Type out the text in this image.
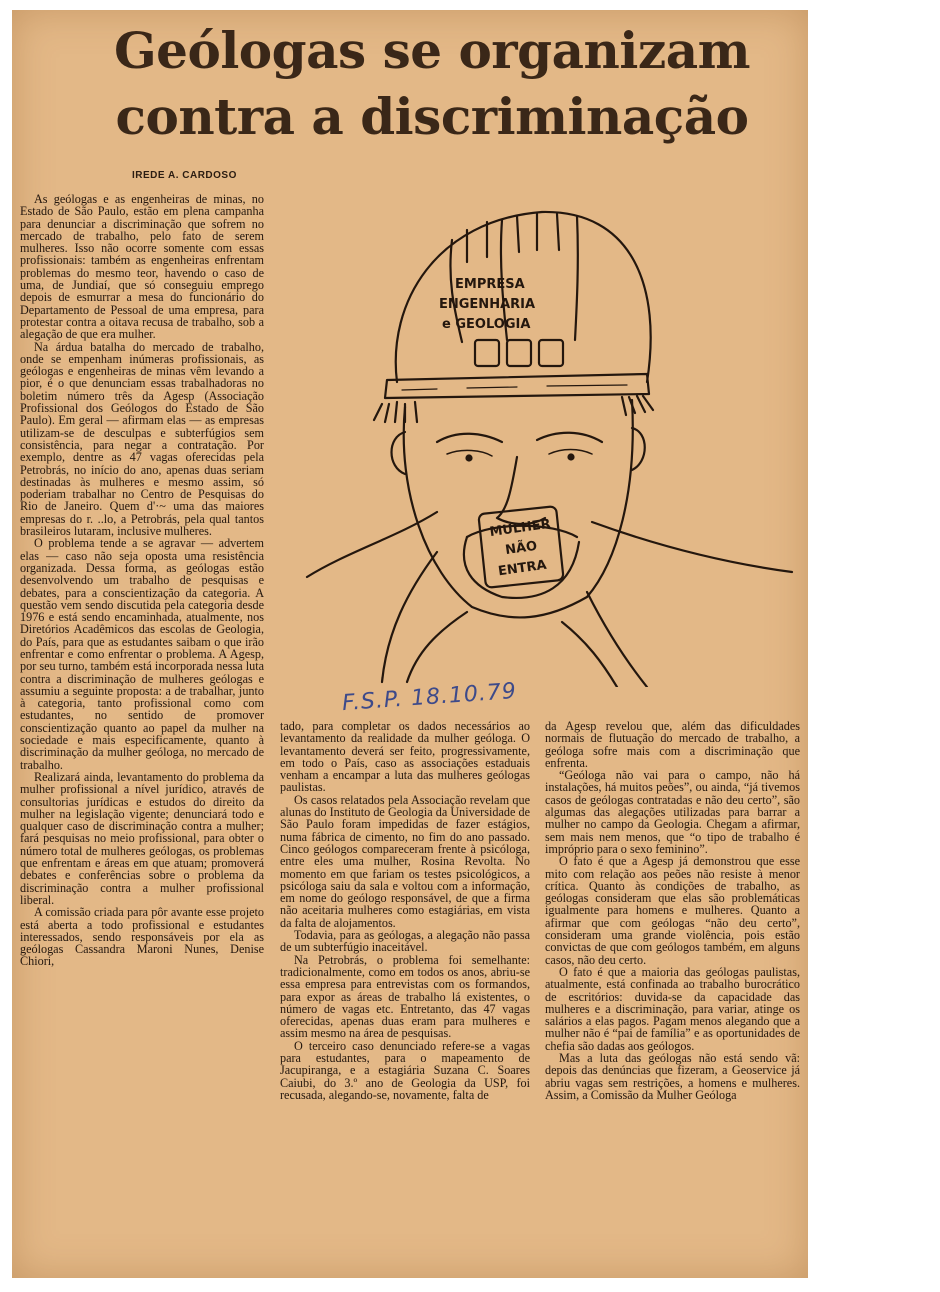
Geólogas se organizam contra a discriminação
IREDE A. CARDOSO

As geólogas e as engenheiras de minas, no Estado de São Paulo, estão em plena campanha para denunciar a discriminação que sofrem no mercado de trabalho, pelo fato de serem mulheres. Isso não ocorre somente com essas profissionais: também as engenheiras enfrentam problemas do mesmo teor, havendo o caso de uma, de Jundiaí, que só conseguiu emprego depois de esmurrar a mesa do funcionário do Departamento de Pessoal de uma empresa, para protestar contra a oitava recusa de trabalho, sob a alegação de que era mulher.

Na árdua batalha do mercado de trabalho, onde se empenham inúmeras profissionais, as geólogas e engenheiras de minas vêm levando a pior, é o que denunciam essas trabalhadoras no boletim número três da Agesp (Associação Profissional dos Geólogos do Estado de São Paulo). Em geral — afirmam elas — as empresas utilizam-se de desculpas e subterfúgios sem consistência, para negar a contratação. Por exemplo, dentre as 47 vagas oferecidas pela Petrobrás, no início do ano, apenas duas seriam destinadas às mulheres e mesmo assim, só poderiam trabalhar no Centro de Pesquisas do Rio de Janeiro. Quem d'·~ uma das maiores empresas do r. ..lo, a Petrobrás, pela qual tantos brasileiros lutaram, inclusive mulheres.

O problema tende a se agravar — advertem elas — caso não seja oposta uma resistência organizada. Dessa forma, as geólogas estão desenvolvendo um trabalho de pesquisas e debates, para a conscientização da categoria. A questão vem sendo discutida pela categoria desde 1976 e está sendo encaminhada, atualmente, nos Diretórios Acadêmicos das escolas de Geologia, do País, para que as estudantes saibam o que irão enfrentar e como enfrentar o problema. A Agesp, por seu turno, também está incorporada nessa luta contra a discriminação de mulheres geólogas e assumiu a seguinte proposta: a de trabalhar, junto à categoria, tanto profissional como com estudantes, no sentido de promover conscientização quanto ao papel da mulher na sociedade e mais especificamente, quanto à discriminação da mulher geóloga, no mercado de trabalho.

Realizará ainda, levantamento do problema da mulher profissional a nível jurídico, através de consultorias jurídicas e estudos do direito da mulher na legislação vigente; denunciará todo e qualquer caso de discriminação contra a mulher; fará pesquisas no meio profissional, para obter o número total de mulheres geólogas, os problemas que enfrentam e áreas em que atuam; promoverá debates e conferências sobre o problema da discriminação contra a mulher profissional liberal.

A comissão criada para pôr avante esse projeto está aberta a todo profissional e estudantes interessados, sendo responsáveis por ela as geólogas Cassandra Maroni Nunes, Denise Chiori,

EMPRESA
ENGENHARIA
e GEOLOGIA
MULHER
NÃO
ENTRA
F.S.P. 18.10.79

tado, para completar os dados necessários ao levantamento da realidade da mulher geóloga. O levantamento deverá ser feito, progressivamente, em todo o País, caso as associações estaduais venham a encampar a luta das mulheres geólogas paulistas.

Os casos relatados pela Associação revelam que alunas do Instituto de Geologia da Universidade de São Paulo foram impedidas de fazer estágios, numa fábrica de cimento, no fim do ano passado. Cinco geólogos compareceram frente à psicóloga, entre eles uma mulher, Rosina Revolta. No momento em que fariam os testes psicológicos, a psicóloga saiu da sala e voltou com a informação, em nome do geólogo responsável, de que a firma não aceitaria mulheres como estagiárias, em vista da falta de alojamentos.

Todavia, para as geólogas, a alegação não passa de um subterfúgio inaceitável.

Na Petrobrás, o problema foi semelhante: tradicionalmente, como em todos os anos, abriu-se essa empresa para entrevistas com os formandos, para expor as áreas de trabalho lá existentes, o número de vagas etc. Entretanto, das 47 vagas oferecidas, apenas duas eram para mulheres e assim mesmo na área de pesquisas.

O terceiro caso denunciado refere-se a vagas para estudantes, para o mapeamento de Jacupiranga, e a estagiária Suzana C. Soares Caiubi, do 3.º ano de Geologia da USP, foi recusada, alegando-se, novamente, falta de

da Agesp revelou que, além das dificuldades normais de flutuação do mercado de trabalho, a geóloga sofre mais com a discriminação que enfrenta.

“Geóloga não vai para o campo, não há instalações, há muitos peões”, ou ainda, “já tivemos casos de geólogas contratadas e não deu certo”, são algumas das alegações utilizadas para barrar a mulher no campo da Geologia. Chegam a afirmar, sem mais nem menos, que “o tipo de trabalho é impróprio para o sexo feminino”.

O fato é que a Agesp já demonstrou que esse mito com relação aos peões não resiste à menor crítica. Quanto às condições de trabalho, as geólogas consideram que elas são problemáticas igualmente para homens e mulheres. Quanto a afirmar que com geólogas “não deu certo”, consideram uma grande violência, pois estão convictas de que com geólogos também, em alguns casos, não deu certo.

O fato é que a maioria das geólogas paulistas, atualmente, está confinada ao trabalho burocrático de escritórios: duvida-se da capacidade das mulheres e a discriminação, para variar, atinge os salários a elas pagos. Pagam menos alegando que a mulher não é “pai de família” e as oportunidades de chefia são dadas aos geólogos.

Mas a luta das geólogas não está sendo vã: depois das denúncias que fizeram, a Geoservice já abriu vagas sem restrições, a homens e mulheres. Assim, a Comissão da Mulher Geóloga
